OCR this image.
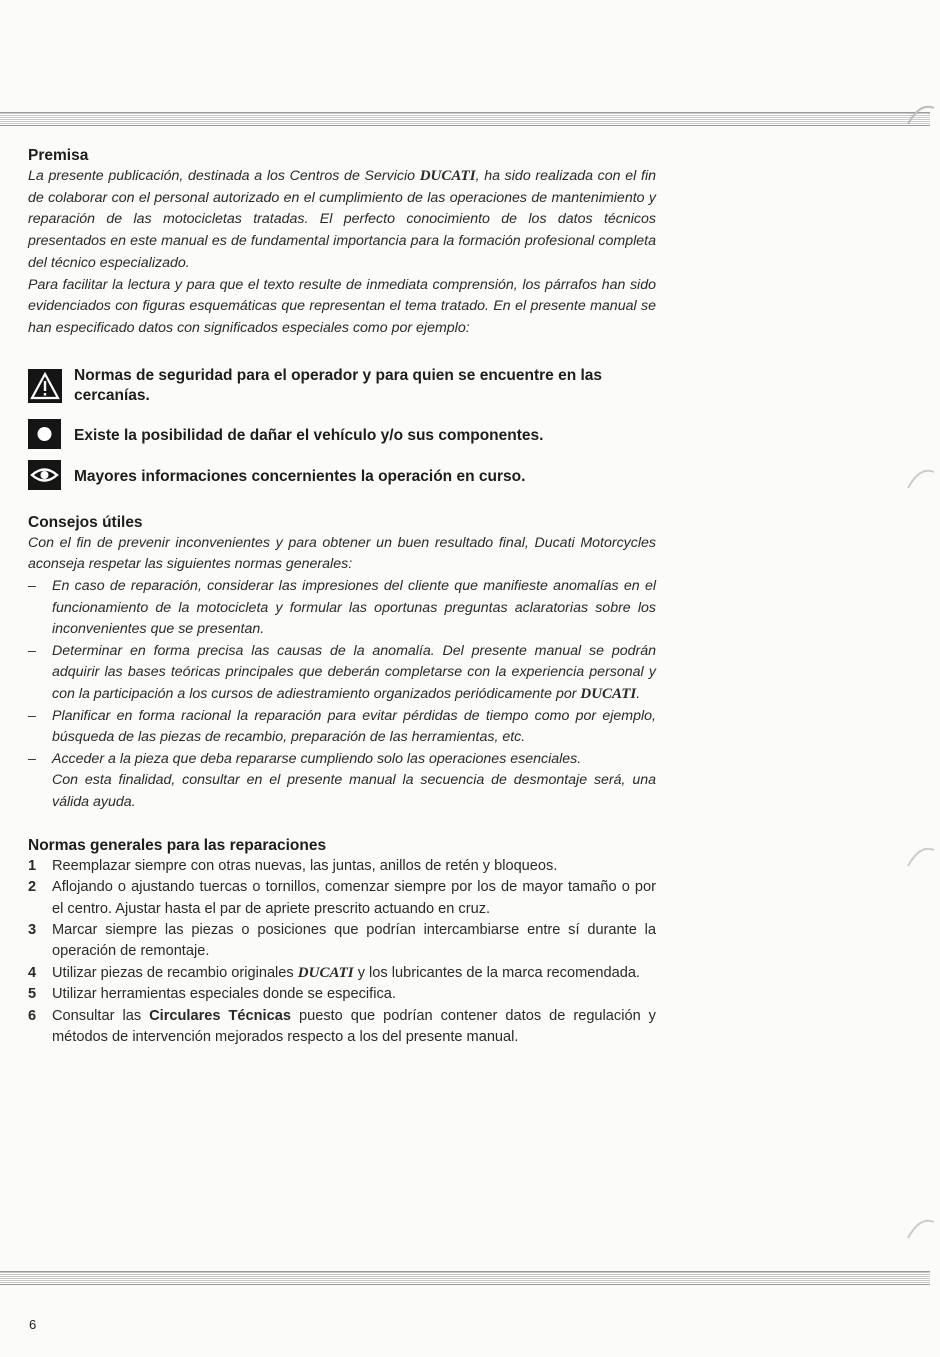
Premisa

La presente publicación, destinada a los Centros de Servicio DUCATI, ha sido realizada con el fin de colaborar con el personal autorizado en el cumplimiento de las operaciones de mantenimiento y reparación de las motocicletas tratadas. El perfecto conocimiento de los datos técnicos presentados en este manual es de fundamental importancia para la formación profesional completa del técnico especializado.

Para facilitar la lectura y para que el texto resulte de inmediata comprensión, los párrafos han sido evidenciados con figuras esquemáticas que representan el tema tratado. En el presente manual se han especificado datos con significados especiales como por ejemplo:

Normas de seguridad para el operador y para quien se encuentre en las cercanías.
Existe la posibilidad de dañar el vehículo y/o sus componentes.
Mayores informaciones concernientes la operación en curso.
Consejos útiles

Con el fin de prevenir inconvenientes y para obtener un buen resultado final, Ducati Motorcycles aconseja respetar las siguientes normas generales:

– En caso de reparación, considerar las impresiones del cliente que manifieste anomalías en el funcionamiento de la motocicleta y formular las oportunas preguntas aclaratorias sobre los inconvenientes que se presentan.
– Determinar en forma precisa las causas de la anomalía. Del presente manual se podrán adquirir las bases teóricas principales que deberán completarse con la experiencia personal y con la participación a los cursos de adiestramiento organizados periódicamente por DUCATI.
– Planificar en forma racional la reparación para evitar pérdidas de tiempo como por ejemplo, búsqueda de las piezas de recambio, preparación de las herramientas, etc.
– Acceder a la pieza que deba repararse cumpliendo solo las operaciones esenciales.

Con esta finalidad, consultar en el presente manual la secuencia de desmontaje será, una válida ayuda.

Normas generales para las reparaciones
1 Reemplazar siempre con otras nuevas, las juntas, anillos de retén y bloqueos.
2 Aflojando o ajustando tuercas o tornillos, comenzar siempre por los de mayor tamaño o por el centro. Ajustar hasta el par de apriete prescrito actuando en cruz.
3 Marcar siempre las piezas o posiciones que podrían intercambiarse entre sí durante la operación de remontaje.
4 Utilizar piezas de recambio originales DUCATI y los lubricantes de la marca recomendada.
5 Utilizar herramientas especiales donde se especifica.
6 Consultar las Circulares Técnicas puesto que podrían contener datos de regulación y métodos de intervención mejorados respecto a los del presente manual.
6
